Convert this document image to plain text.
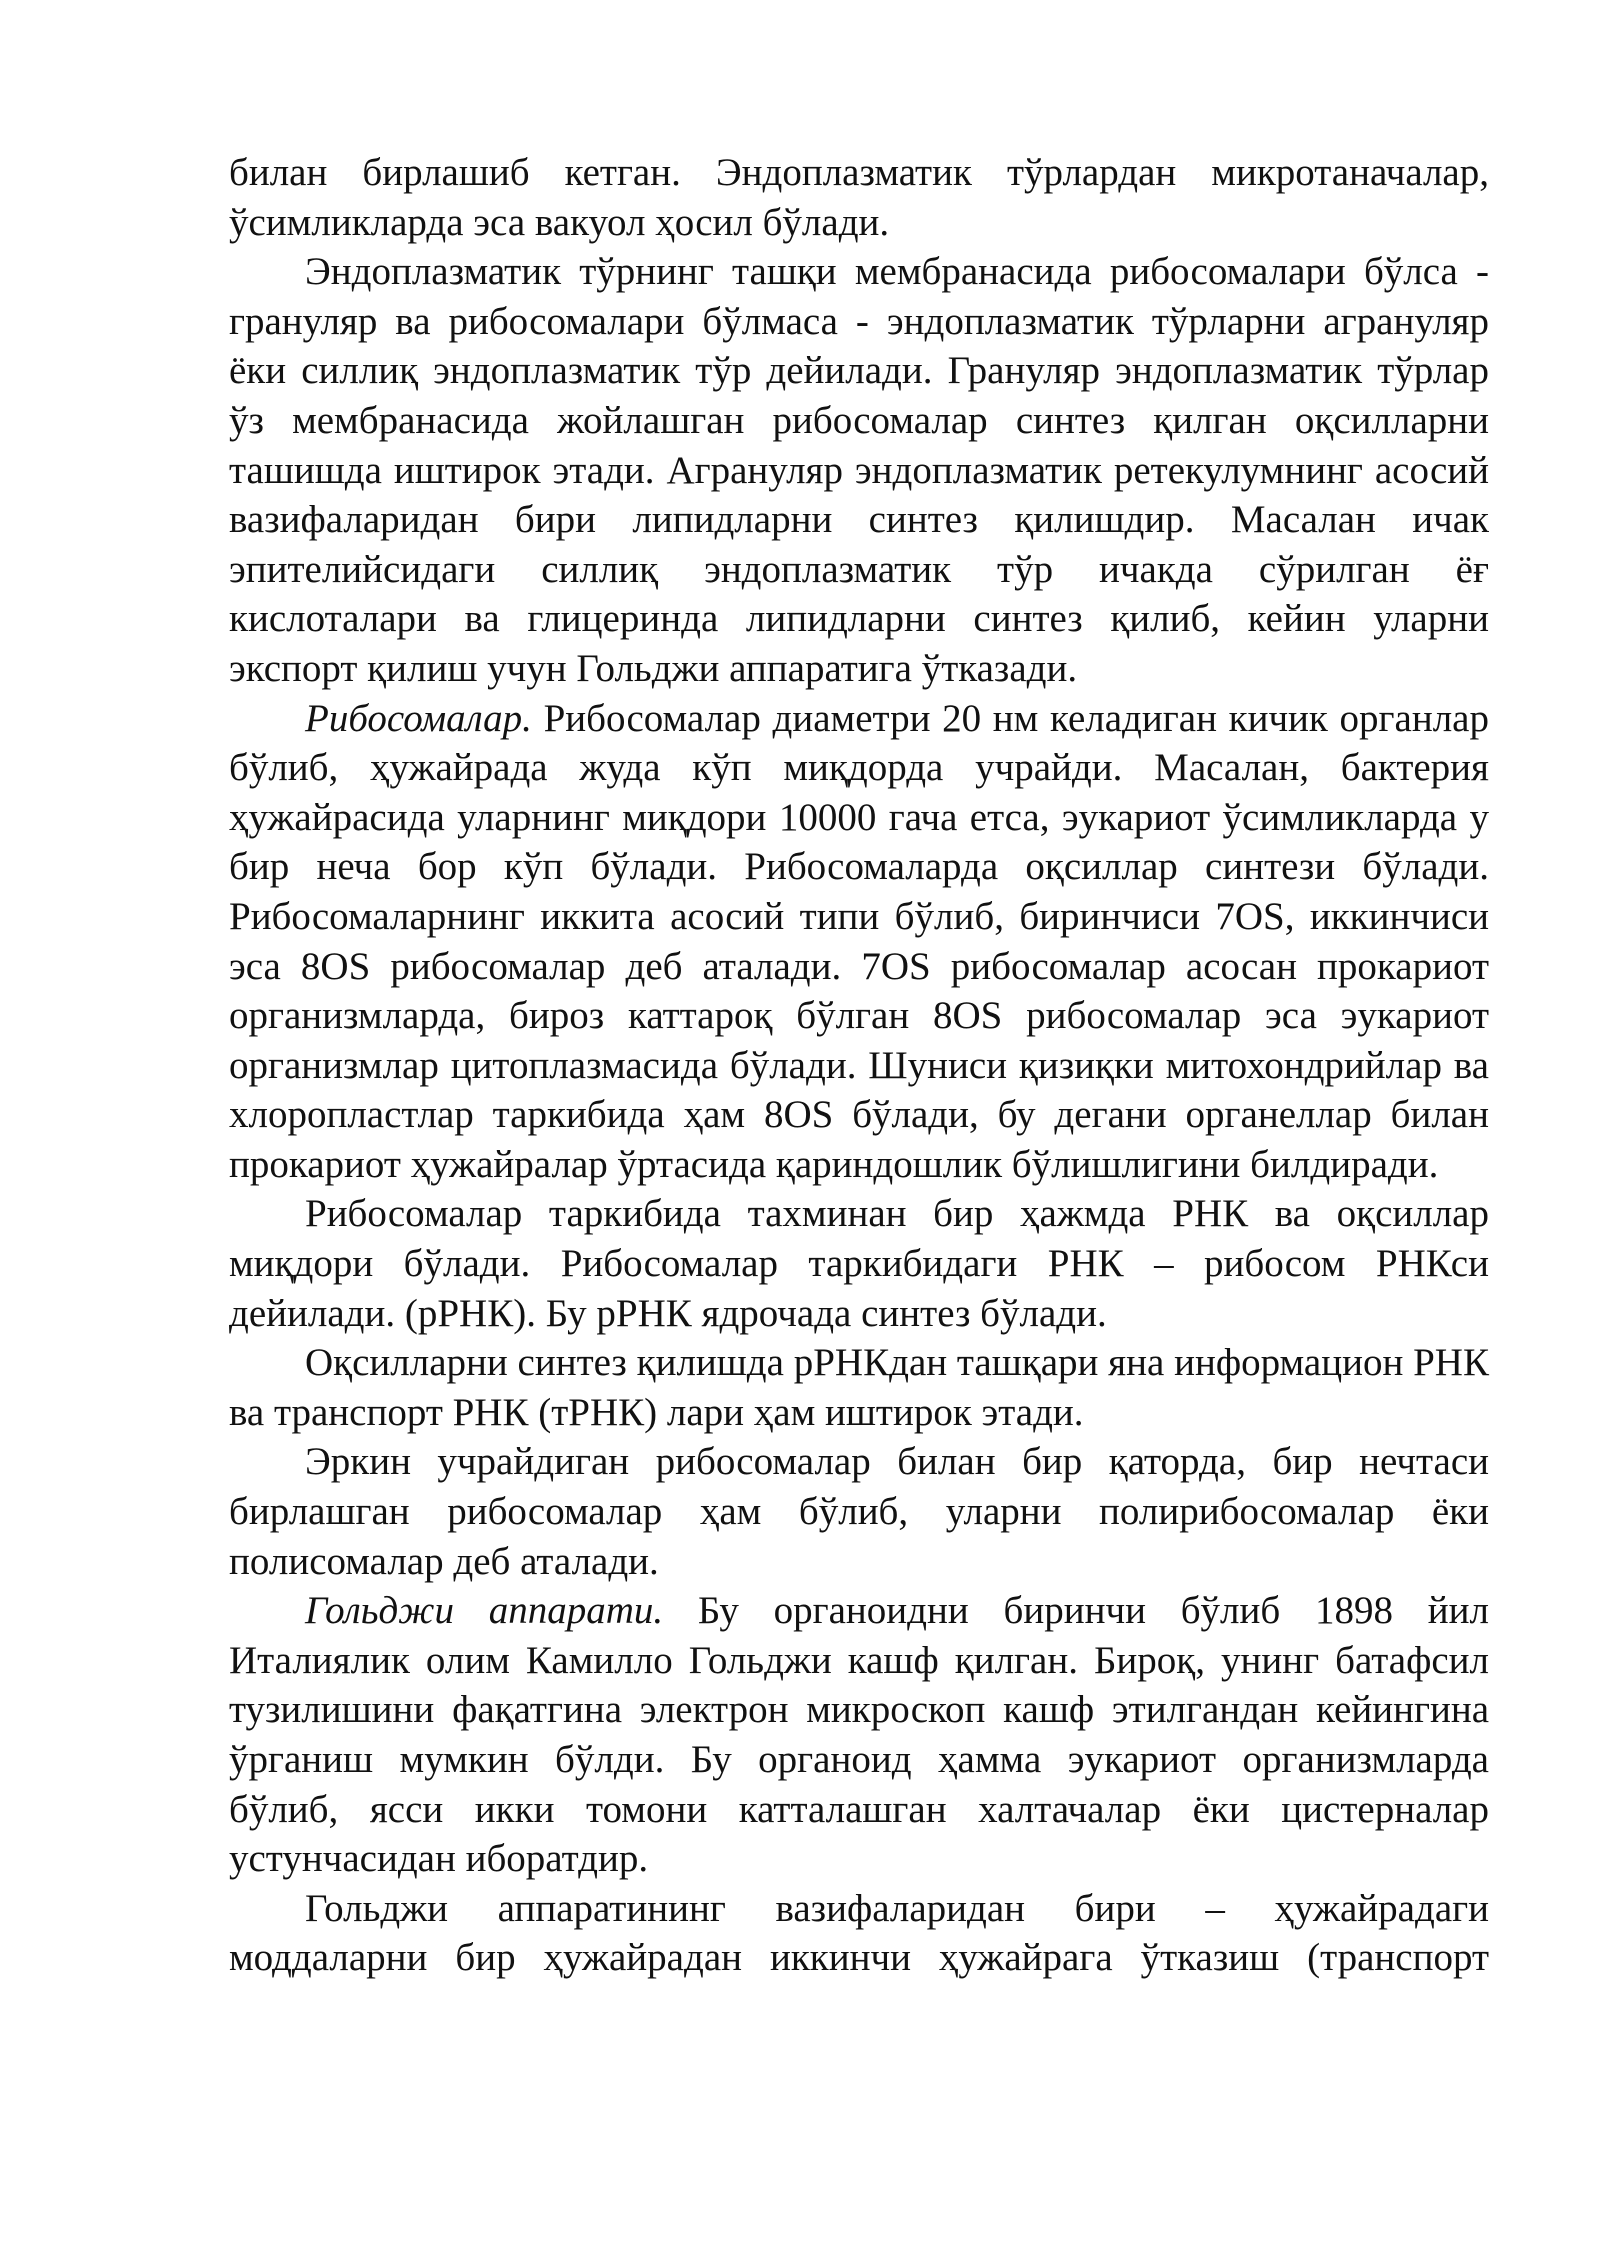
билан бирлашиб кетган. Эндоплазматик тўрлардан микротаначалар, ўсимликларда эса вакуол ҳосил бўлади.

Эндоплазматик тўрнинг ташқи мембранасида рибосомалари бўлса - грануляр ва рибосомалари бўлмаса - эндоплазматик тўрларни агрануляр ёки силлиқ эндоплазматик тўр дейилади. Грануляр эндоплазматик тўрлар ўз мембранасида жойлашган рибосомалар синтез қилган оқсилларни ташишда иштирок этади. Агрануляр эндоплазматик ретекулумнинг асосий вазифаларидан бири липидларни синтез қилишдир. Масалан ичак эпителийсидаги силлиқ эндоплазматик тўр ичакда сўрилган ёғ кислоталари ва глицеринда липидларни синтез қилиб, кейин уларни экспорт қилиш учун Гольджи аппаратига ўтказади.

Рибосомалар. Рибосомалар диаметри 20 нм келадиган кичик органлар бўлиб, ҳужайрада жуда кўп миқдорда учрайди. Масалан, бактерия ҳужайрасида уларнинг миқдори 10000 гача етса, эукариот ўсимликларда у бир неча бор кўп бўлади. Рибосомаларда оқсиллар синтези бўлади. Рибосомаларнинг иккита асосий типи бўлиб, биринчиси 7OS, иккинчиси эса 8OS рибосомалар деб аталади. 7OS рибосомалар асосан прокариот организмларда, бироз каттароқ бўлган 8OS рибосомалар эса эукариот организмлар цитоплазмасида бўлади. Шуниси қизиқки митохондрийлар ва хлоропластлар таркибида ҳам 8OS бўлади, бу дегани органеллар билан прокариот ҳужайралар ўртасида қариндошлик бўлишлигини билдиради.

Рибосомалар таркибида тахминан бир ҳажмда РНК ва оқсиллар миқдори бўлади. Рибосомалар таркибидаги РНК – рибосом РНКси дейилади. (рРНК). Бу рРНК ядрочада синтез бўлади.

Оқсилларни синтез қилишда рРНКдан ташқари яна информацион РНК ва транспорт РНК (тРНК) лари ҳам иштирок этади.

Эркин учрайдиган рибосомалар билан бир қаторда, бир нечтаси бирлашган рибосомалар ҳам бўлиб, уларни полирибосомалар ёки полисомалар деб аталади.

Гольджи аппарати. Бу органоидни биринчи бўлиб 1898 йил Италиялик олим Камилло Гольджи кашф қилган. Бироқ, унинг батафсил тузилишини фақатгина электрон микроскоп кашф этилгандан кейингина ўрганиш мумкин бўлди. Бу органоид ҳамма эукариот организмларда бўлиб, ясси икки томони катталашган халтачалар ёки цистерналар устунчасидан иборатдир.

Гольджи аппаратининг вазифаларидан бири – ҳужайрадаги моддаларни бир ҳужайрадан иккинчи ҳужайрага ўтказиш (транспорт
